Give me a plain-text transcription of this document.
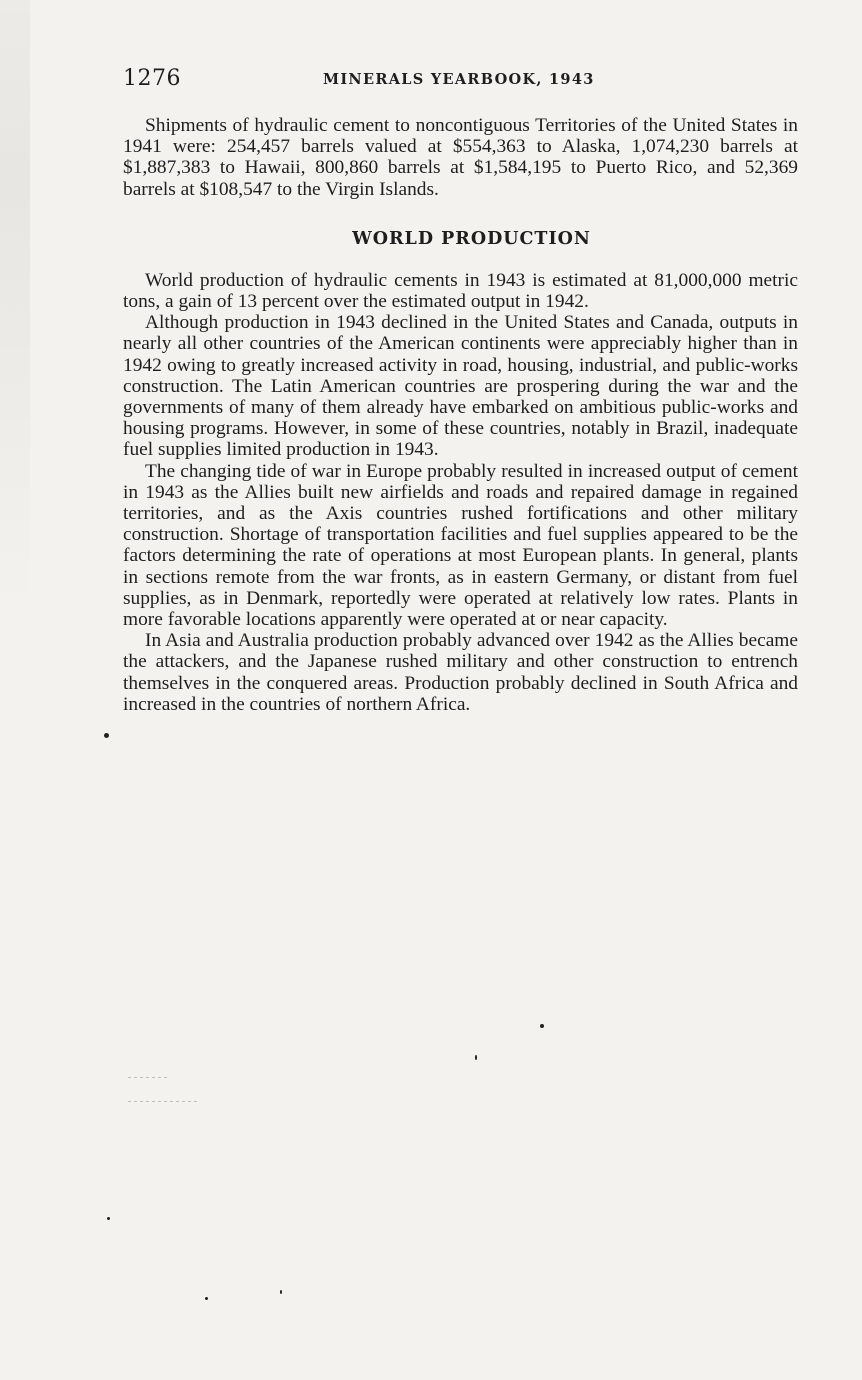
1276	MINERALS YEARBOOK, 1943

Shipments of hydraulic cement to noncontiguous Territories of the United States in 1941 were: 254,457 barrels valued at $554,363 to Alaska, 1,074,230 barrels at $1,887,383 to Hawaii, 800,860 barrels at $1,584,195 to Puerto Rico, and 52,369 barrels at $108,547 to the Virgin Islands.

WORLD PRODUCTION

World production of hydraulic cements in 1943 is estimated at 81,000,000 metric tons, a gain of 13 percent over the estimated output in 1942.

Although production in 1943 declined in the United States and Canada, outputs in nearly all other countries of the American continents were appreciably higher than in 1942 owing to greatly increased activity in road, housing, industrial, and public-works construction. The Latin American countries are prospering during the war and the governments of many of them already have embarked on ambitious public-works and housing programs. However, in some of these countries, notably in Brazil, inadequate fuel supplies limited production in 1943.

The changing tide of war in Europe probably resulted in increased output of cement in 1943 as the Allies built new airfields and roads and repaired damage in regained territories, and as the Axis countries rushed fortifications and other military construction. Shortage of transportation facilities and fuel supplies appeared to be the factors determining the rate of operations at most European plants. In general, plants in sections remote from the war fronts, as in eastern Germany, or distant from fuel supplies, as in Denmark, reportedly were operated at relatively low rates. Plants in more favorable locations apparently were operated at or near capacity.

In Asia and Australia production probably advanced over 1942 as the Allies became the attackers, and the Japanese rushed military and other construction to entrench themselves in the conquered areas. Production probably declined in South Africa and increased in the countries of northern Africa.
